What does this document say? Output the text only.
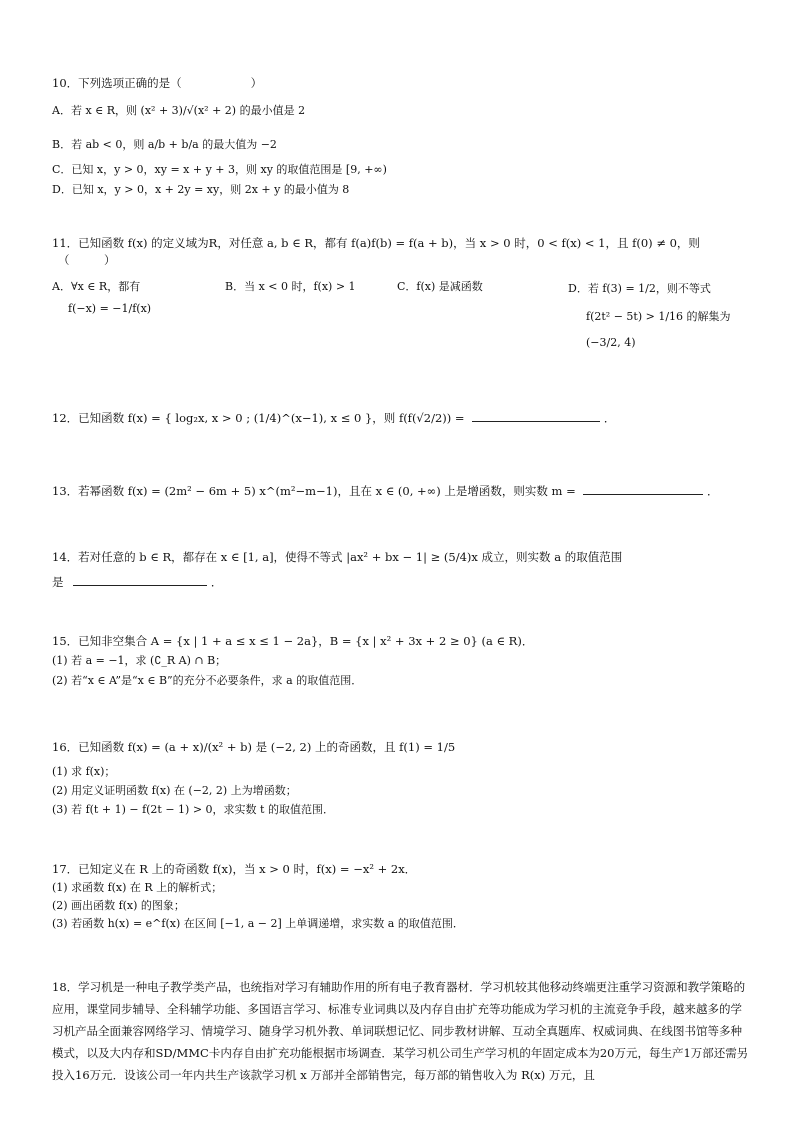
10．下列选项正确的是（　　　　　　）
A．若 x ∈ R，则 (x² + 3)/√(x² + 2) 的最小值是 2
B．若 ab < 0，则 a/b + b/a 的最大值为 −2
C．已知 x，y > 0，xy = x + y + 3，则 xy 的取值范围是 [9, +∞)
D．已知 x，y > 0，x + 2y = xy，则 2x + y 的最小值为 8
11．已知函数 f(x) 的定义域为R，对任意 a, b ∈ R，都有 f(a)f(b) = f(a + b)，当 x > 0 时，0 < f(x) < 1，且 f(0) ≠ 0，则
（　　　）
A．∀x ∈ R，都有
f(−x) = −1/f(x)
B．当 x < 0 时，f(x) > 1	C．f(x) 是减函数	D．若 f(3) = 1/2，则不等式
f(2t² − 5t) > 1/16 的解集为
(−3/2, 4)
12．已知函数 f(x) = { log₂x, x > 0 ; (1/4)^(x−1), x ≤ 0 }，则 f(f(√2/2)) =	．
13．若幂函数 f(x) = (2m² − 6m + 5) x^(m²−m−1)，且在 x ∈ (0, +∞) 上是增函数，则实数 m =	．
14．若对任意的 b ∈ R，都存在 x ∈ [1, a]，使得不等式 |ax² + bx − 1| ≥ (5/4)x 成立，则实数 a 的取值范围
是	．
15．已知非空集合 A = {x | 1 + a ≤ x ≤ 1 − 2a}，B = {x | x² + 3x + 2 ≥ 0} (a ∈ R)．
(1) 若 a = −1，求 (∁_R A) ∩ B；
(2) 若“x ∈ A”是“x ∈ B”的充分不必要条件，求 a 的取值范围．
16．已知函数 f(x) = (a + x)/(x² + b) 是 (−2, 2) 上的奇函数，且 f(1) = 1/5
(1) 求 f(x)；
(2) 用定义证明函数 f(x) 在 (−2, 2) 上为增函数；
(3) 若 f(t + 1) − f(2t − 1) > 0，求实数 t 的取值范围．
17．已知定义在 R 上的奇函数 f(x)，当 x > 0 时，f(x) = −x² + 2x．
(1) 求函数 f(x) 在 R 上的解析式；
(2) 画出函数 f(x) 的图象；
(3) 若函数 h(x) = e^f(x) 在区间 [−1, a − 2] 上单调递增，求实数 a 的取值范围．
18．学习机是一种电子教学类产品，也统指对学习有辅助作用的所有电子教育器材．学习机较其他移动终端更注重学习资源和教学策略的应用，课堂同步辅导、全科辅学功能、多国语言学习、标准专业词典以及内存自由扩充等功能成为学习机的主流竞争手段，越来越多的学习机产品全面兼容网络学习、情境学习、随身学习机外教、单词联想记忆、同步教材讲解、互动全真题库、权威词典、在线图书馆等多种模式，以及大内存和SD/MMC卡内存自由扩充功能根据市场调查．某学习机公司生产学习机的年固定成本为20万元，每生产1万部还需另投入16万元．设该公司一年内共生产该款学习机 x 万部并全部销售完，每万部的销售收入为 R(x) 万元，且
